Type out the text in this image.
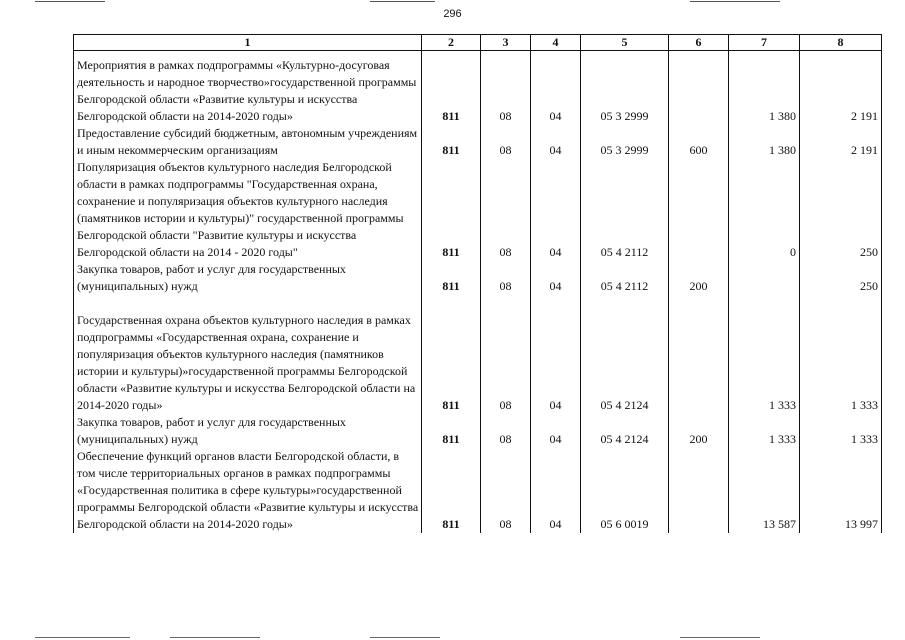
296
1	2	3	4	5	6	7	8
Мероприятия в рамках подпрограммы «Культурно-досуговая деятельность и народное творчество»государственной программы Белгородской области «Развитие культуры и искусства Белгородской области на 2014-2020 годы»	811	08	04	05 3 2999		1 380	2 191
Предоставление субсидий бюджетным, автономным учреждениям и иным некоммерческим организациям	811	08	04	05 3 2999	600	1 380	2 191
Популяризация объектов культурного наследия Белгородской области в рамках подпрограммы "Государственная охрана, сохранение и популяризация объектов культурного наследия (памятников истории и культуры)" государственной программы Белгородской области "Развитие культуры и искусства Белгородской области на 2014 - 2020 годы"	811	08	04	05 4 2112		0	250
Закупка товаров, работ и услуг для государственных (муниципальных) нужд	811	08	04	05 4 2112	200		250

Государственная охрана объектов культурного наследия в рамках подпрограммы «Государственная охрана, сохранение и популяризация объектов культурного наследия (памятников истории и культуры)»государственной программы Белгородской области «Развитие культуры и искусства Белгородской области на 2014-2020 годы»	811	08	04	05 4 2124		1 333	1 333
Закупка товаров, работ и услуг для государственных (муниципальных) нужд	811	08	04	05 4 2124	200	1 333	1 333
Обеспечение функций органов власти Белгородской области, в том числе территориальных органов в рамках подпрограммы «Государственная политика в сфере культуры»государственной программы Белгородской области «Развитие культуры и искусства Белгородской области на 2014-2020 годы»	811	08	04	05 6 0019		13 587	13 997
